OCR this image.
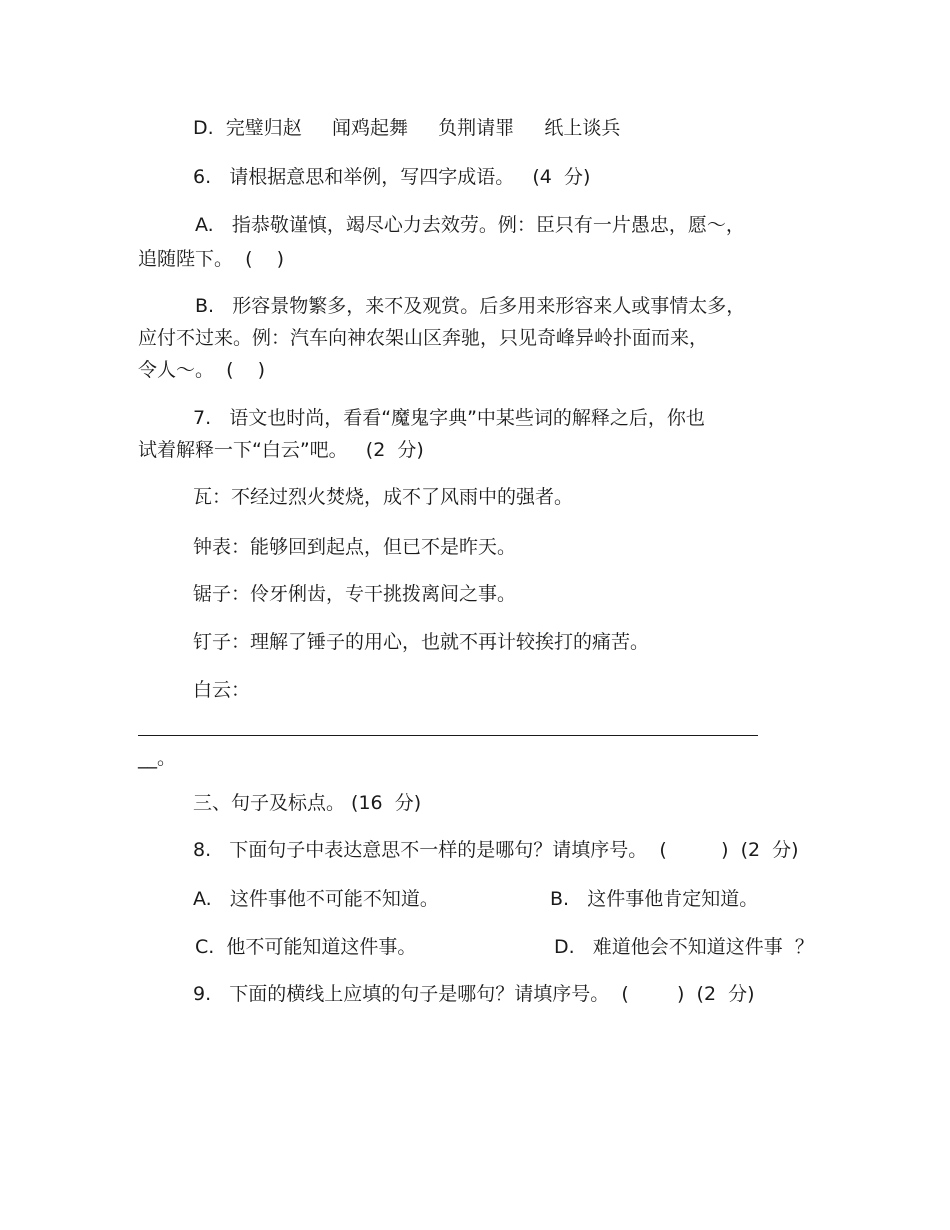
D.  完璧归赵     闻鸡起舞     负荆请罪     纸上谈兵
6.   请根据意思和举例，写四字成语。   (4  分)
A.   指恭敬谨慎，竭尽心力去效劳。例：臣只有一片愚忠，愿～，
追随陛下。  (    )
B.   形容景物繁多，来不及观赏。后多用来形容来人或事情太多，
应付不过来。例：汽车向神农架山区奔驰，只见奇峰异岭扑面而来，
令人～。  (    )
7.   语文也时尚，看看“魔鬼字典”中某些词的解释之后，你也
试着解释一下“白云”吧。   (2  分)
瓦：不经过烈火焚烧，成不了风雨中的强者。
钟表：能够回到起点，但已不是昨天。
锯子：伶牙俐齿，专干挑拨离间之事。
钉子：理解了锤子的用心，也就不再计较挨打的痛苦。
白云：
__。
三、句子及标点。 (16  分)
8.   下面句子中表达意思不一样的是哪句？请填序号。  (         )  (2  分)
A.   这件事他不可能不知道。	B.   这件事他肯定知道。
C.  他不可能知道这件事。	D.   难道他会不知道这件事  ？
9.   下面的横线上应填的句子是哪句？请填序号。  (        )  (2  分)
